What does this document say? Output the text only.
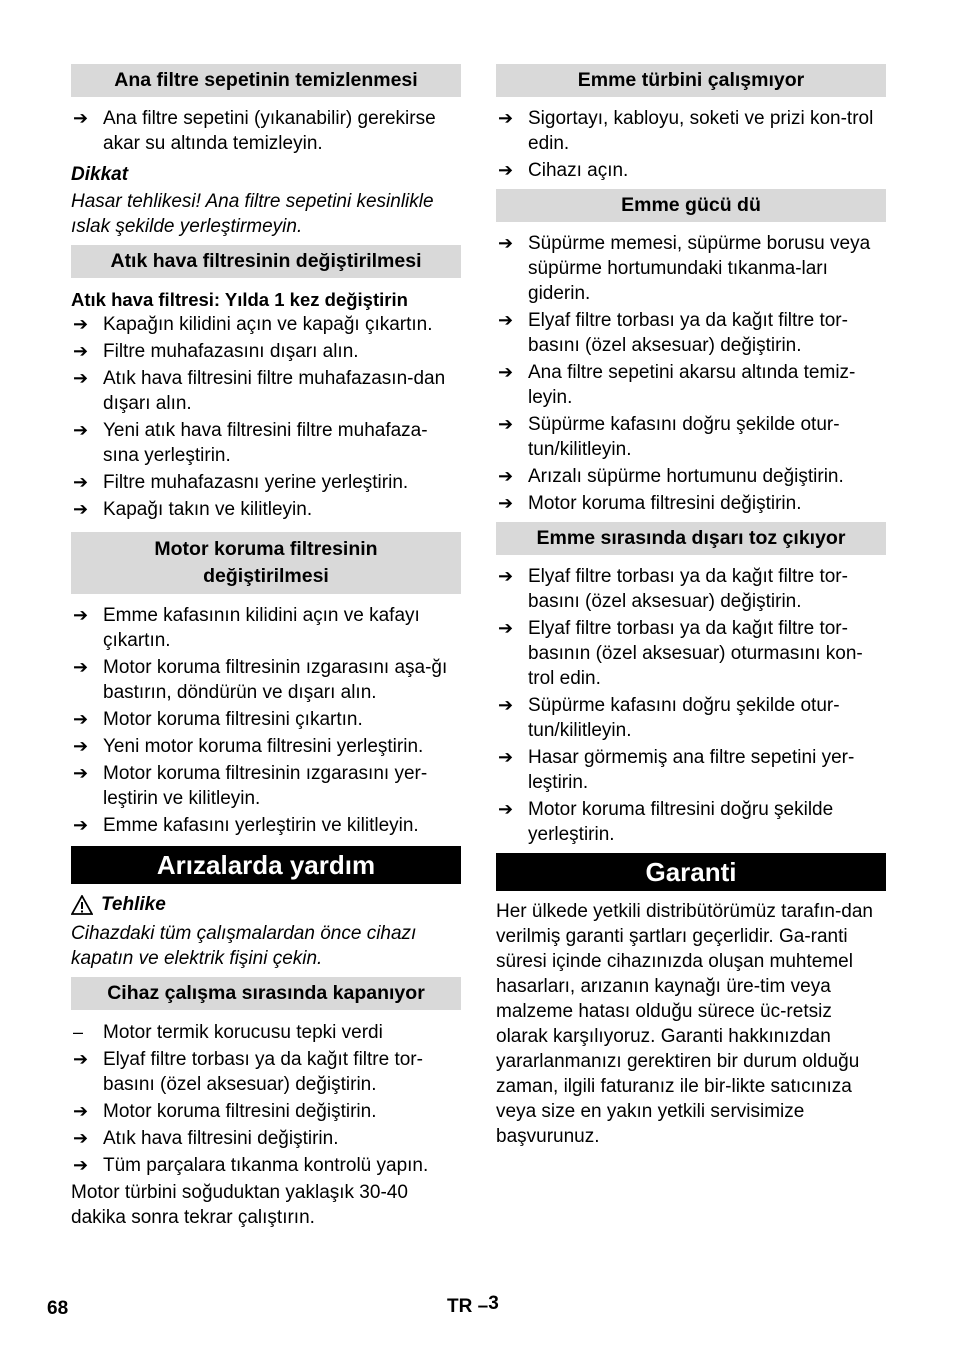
Ana filtre sepetinin temizlenmesi
➔ Ana filtre sepetini (yıkanabilir) gerekirse akar su altında temizleyin.
Dikkat
Hasar tehlikesi! Ana filtre sepetini kesinlikle ıslak şekilde yerleştirmeyin.
Atık hava filtresinin değiştirilmesi
Atık hava filtresi: Yılda 1 kez değiştirin
➔ Kapağın kilidini açın ve kapağı çıkartın.
➔ Filtre muhafazasını dışarı alın.
➔ Atık hava filtresini filtre muhafazasın-dan dışarı alın.
➔ Yeni atık hava filtresini filtre muhafaza-sına yerleştirin.
➔ Filtre muhafazasnı yerine yerleştirin.
➔ Kapağı takın ve kilitleyin.
Motor koruma filtresinin değiştirilmesi
➔ Emme kafasının kilidini açın ve kafayı çıkartın.
➔ Motor koruma filtresinin ızgarasını aşa-ğı bastırın, döndürün ve dışarı alın.
➔ Motor koruma filtresini çıkartın.
➔ Yeni motor koruma filtresini yerleştirin.
➔ Motor koruma filtresinin ızgarasını yer-leştirin ve kilitleyin.
➔ Emme kafasını yerleştirin ve kilitleyin.
Arızalarda yardım
Tehlike
Cihazdaki tüm çalışmalardan önce cihazı kapatın ve elektrik fişini çekin.
Cihaz çalışma sırasında kapanıyor
– Motor termik korucusu tepki verdi
➔ Elyaf filtre torbası ya da kağıt filtre tor-basını (özel aksesuar) değiştirin.
➔ Motor koruma filtresini değiştirin.
➔ Atık hava filtresini değiştirin.
➔ Tüm parçalara tıkanma kontrolü yapın.
Motor türbini soğuduktan yaklaşık 30-40 dakika sonra tekrar çalıştırın.
Emme türbini çalışmıyor
➔ Sigortayı, kabloyu, soketi ve prizi kon-trol edin.
➔ Cihazı açın.
Emme gücü dü
➔ Süpürme memesi, süpürme borusu veya süpürme hortumundaki tıkanma-ları giderin.
➔ Elyaf filtre torbası ya da kağıt filtre tor-basını (özel aksesuar) değiştirin.
➔ Ana filtre sepetini akarsu altında temiz-leyin.
➔ Süpürme kafasını doğru şekilde otur-tun/kilitleyin.
➔ Arızalı süpürme hortumunu değiştirin.
➔ Motor koruma filtresini değiştirin.
Emme sırasında dışarı toz çıkıyor
➔ Elyaf filtre torbası ya da kağıt filtre tor-basını (özel aksesuar) değiştirin.
➔ Elyaf filtre torbası ya da kağıt filtre tor-basının (özel aksesuar) oturmasını kon-trol edin.
➔ Süpürme kafasını doğru şekilde otur-tun/kilitleyin.
➔ Hasar görmemiş ana filtre sepetini yer-leştirin.
➔ Motor koruma filtresini doğru şekilde yerleştirin.
Garanti
Her ülkede yetkili distribütörümüz tarafın-dan verilmiş garanti şartları geçerlidir. Ga-ranti süresi içinde cihazınızda oluşan muhtemel hasarları, arızanın kaynağı üre-tim veya malzeme hatası olduğu sürece üc-retsiz olarak karşılıyoruz. Garanti hakkınızdan yararlanmanızı gerektiren bir durum olduğu zaman, ilgili faturanız ile bir-likte satıcınıza veya size en yakın yetkili servisimize başvurunuz.
68	TR –3
